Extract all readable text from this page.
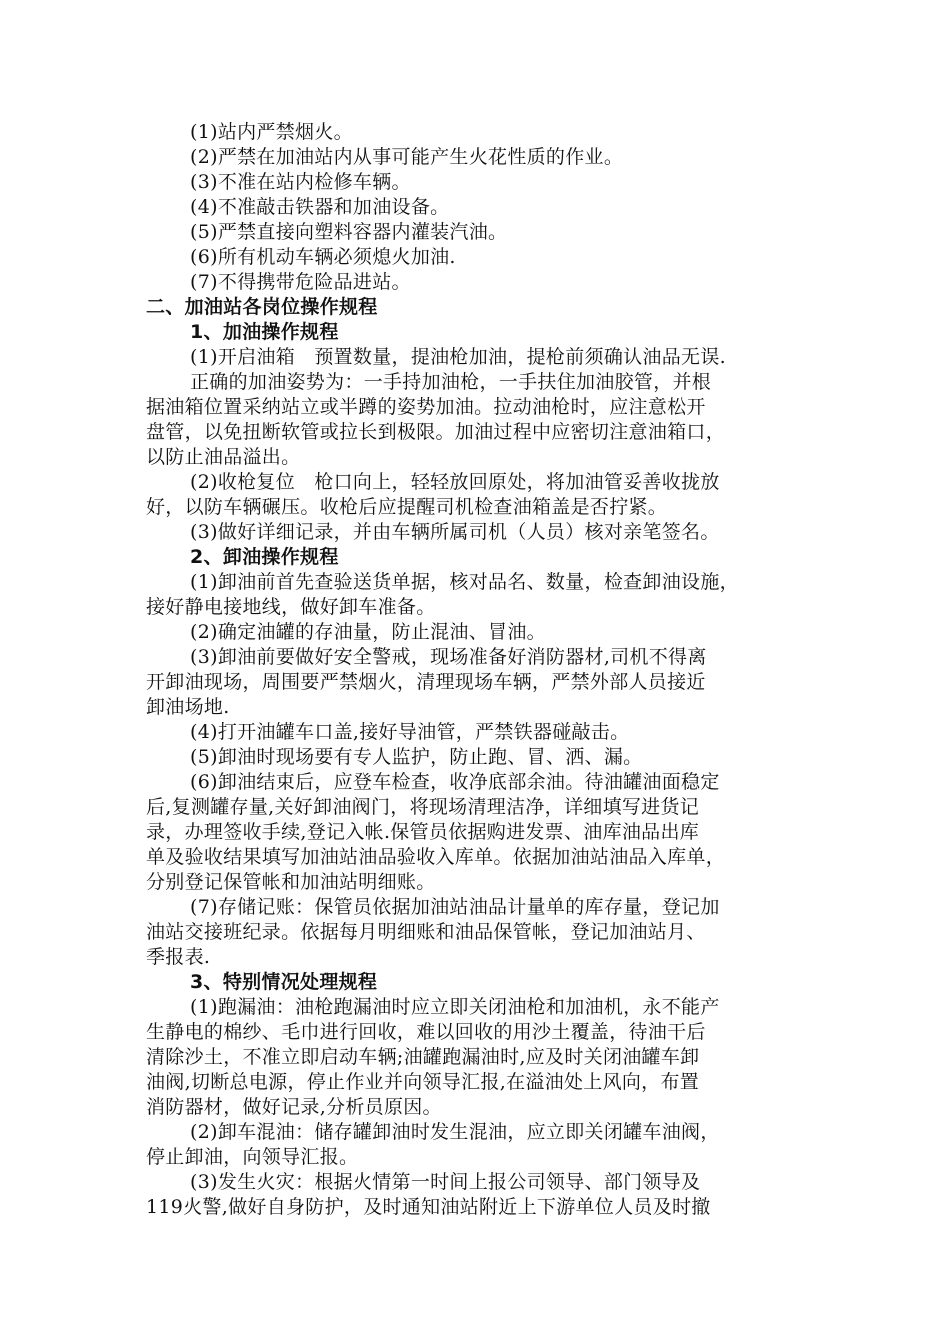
(1)站内严禁烟火。
(2)严禁在加油站内从事可能产生火花性质的作业。
(3)不准在站内检修车辆。
(4)不准敲击铁器和加油设备。
(5)严禁直接向塑料容器内灌装汽油。
(6)所有机动车辆必须熄火加油.
(7)不得携带危险品进站。
二、加油站各岗位操作规程
1、加油操作规程
(1)开启油箱　预置数量，提油枪加油，提枪前须确认油品无误.
正确的加油姿势为：一手持加油枪，一手扶住加油胶管，并根
据油箱位置采纳站立或半蹲的姿势加油。拉动油枪时，应注意松开
盘管，以免扭断软管或拉长到极限。加油过程中应密切注意油箱口，
以防止油品溢出。
(2)收枪复位　枪口向上，轻轻放回原处，将加油管妥善收拢放
好，以防车辆碾压。收枪后应提醒司机检查油箱盖是否拧紧。
(3)做好详细记录，并由车辆所属司机（人员）核对亲笔签名。
2、卸油操作规程
(1)卸油前首先查验送货单据，核对品名、数量，检查卸油设施，
接好静电接地线，做好卸车准备。
(2)确定油罐的存油量，防止混油、冒油。
(3)卸油前要做好安全警戒，现场准备好消防器材,司机不得离
开卸油现场，周围要严禁烟火，清理现场车辆，严禁外部人员接近
卸油场地.
(4)打开油罐车口盖,接好导油管，严禁铁器碰敲击。
(5)卸油时现场要有专人监护，防止跑、冒、洒、漏。
(6)卸油结束后，应登车检查，收净底部余油。待油罐油面稳定
后,复测罐存量,关好卸油阀门，将现场清理洁净，详细填写进货记
录，办理签收手续,登记入帐.保管员依据购进发票、油库油品出库
单及验收结果填写加油站油品验收入库单。依据加油站油品入库单，
分别登记保管帐和加油站明细账。
(7)存储记账：保管员依据加油站油品计量单的库存量，登记加
油站交接班纪录。依据每月明细账和油品保管帐，登记加油站月、
季报表.
3、特别情况处理规程
(1)跑漏油：油枪跑漏油时应立即关闭油枪和加油机，永不能产
生静电的棉纱、毛巾进行回收，难以回收的用沙土覆盖，待油干后
清除沙土，不准立即启动车辆;油罐跑漏油时,应及时关闭油罐车卸
油阀,切断总电源，停止作业并向领导汇报,在溢油处上风向，布置
消防器材，做好记录,分析员原因。
(2)卸车混油：储存罐卸油时发生混油，应立即关闭罐车油阀，
停止卸油，向领导汇报。
(3)发生火灾：根据火情第一时间上报公司领导、部门领导及
119火警,做好自身防护，及时通知油站附近上下游单位人员及时撤
